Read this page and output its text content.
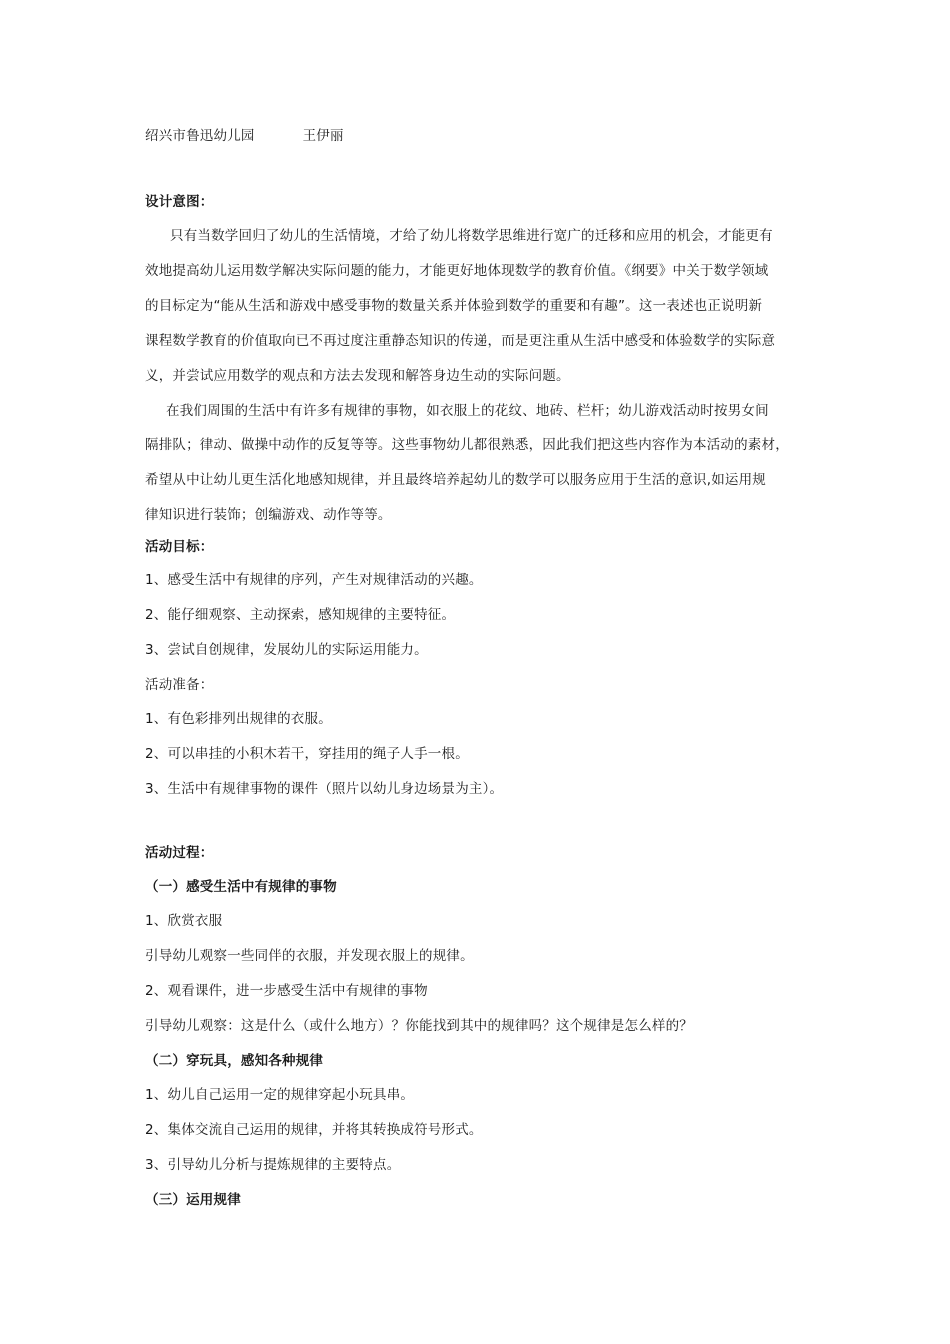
绍兴市鲁迅幼儿园	王伊丽
设计意图：
只有当数学回归了幼儿的生活情境，才给了幼儿将数学思维进行宽广的迁移和应用的机会，才能更有
效地提高幼儿运用数学解决实际问题的能力，才能更好地体现数学的教育价值。《纲要》中关于数学领域
的目标定为“能从生活和游戏中感受事物的数量关系并体验到数学的重要和有趣”。这一表述也正说明新
课程数学教育的价值取向已不再过度注重静态知识的传递，而是更注重从生活中感受和体验数学的实际意
义，并尝试应用数学的观点和方法去发现和解答身边生动的实际问题。
在我们周围的生活中有许多有规律的事物，如衣服上的花纹、地砖、栏杆；幼儿游戏活动时按男女间
隔排队；律动、做操中动作的反复等等。这些事物幼儿都很熟悉，因此我们把这些内容作为本活动的素材，
希望从中让幼儿更生活化地感知规律，并且最终培养起幼儿的数学可以服务应用于生活的意识,如运用规
律知识进行装饰；创编游戏、动作等等。
活动目标：
1、感受生活中有规律的序列，产生对规律活动的兴趣。
2、能仔细观察、主动探索，感知规律的主要特征。
3、尝试自创规律，发展幼儿的实际运用能力。
活动准备：
1、有色彩排列出规律的衣服。
2、可以串挂的小积木若干，穿挂用的绳子人手一根。
3、生活中有规律事物的课件（照片以幼儿身边场景为主）。
活动过程：
（一）感受生活中有规律的事物
1、欣赏衣服
引导幼儿观察一些同伴的衣服，并发现衣服上的规律。
2、观看课件，进一步感受生活中有规律的事物
引导幼儿观察：这是什么（或什么地方）？你能找到其中的规律吗？这个规律是怎么样的？
（二）穿玩具，感知各种规律
1、幼儿自己运用一定的规律穿起小玩具串。
2、集体交流自己运用的规律，并将其转换成符号形式。
3、引导幼儿分析与提炼规律的主要特点。
（三）运用规律
